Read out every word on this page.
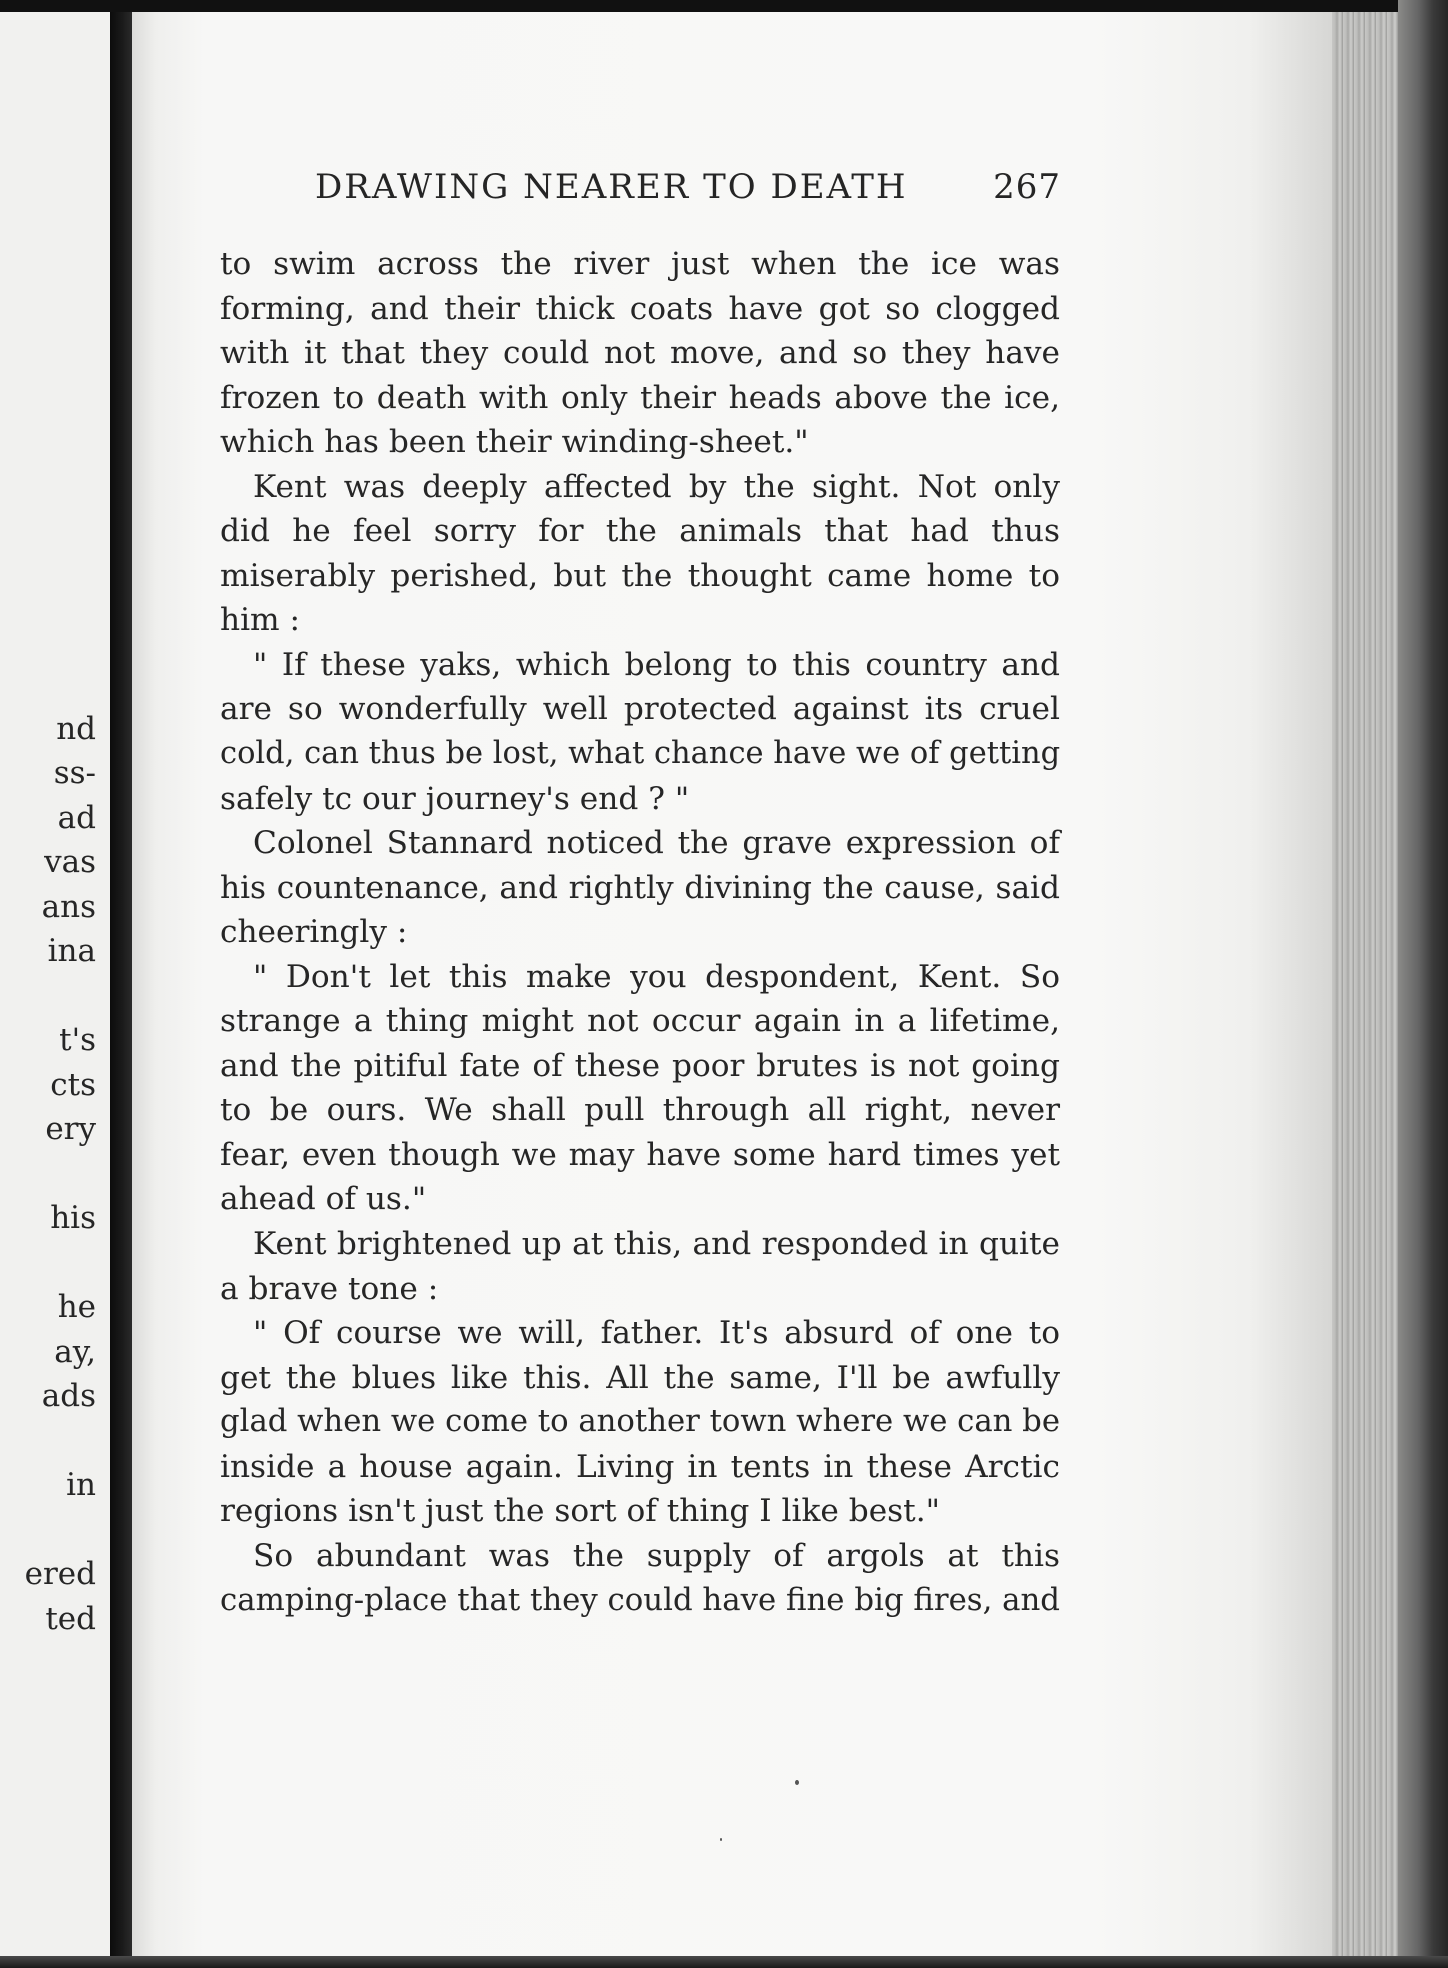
nd
ss-
ad
vas
ans
ina
t's
cts
ery
his
he
ay,
ads
in
ered
ted
DRAWING NEARER TO DEATH	267
to swim across the river just when the ice was
forming, and their thick coats have got so clogged
with it that they could not move, and so they have
frozen to death with only their heads above the ice,
which has been their winding-sheet."
Kent was deeply affected by the sight. Not only
did he feel sorry for the animals that had thus
miserably perished, but the thought came home to
him :
" If these yaks, which belong to this country and
are so wonderfully well protected against its cruel
cold, can thus be lost, what chance have we of getting
safely tc our journey's end ? "
Colonel Stannard noticed the grave expression of
his countenance, and rightly divining the cause, said
cheeringly :
" Don't let this make you despondent, Kent. So
strange a thing might not occur again in a lifetime,
and the pitiful fate of these poor brutes is not going
to be ours. We shall pull through all right, never
fear, even though we may have some hard times yet
ahead of us."
Kent brightened up at this, and responded in quite
a brave tone :
" Of course we will, father. It's absurd of one to
get the blues like this. All the same, I'll be awfully
glad when we come to another town where we can be
inside a house again. Living in tents in these Arctic
regions isn't just the sort of thing I like best."
So abundant was the supply of argols at this
camping-place that they could have fine big fires, and
